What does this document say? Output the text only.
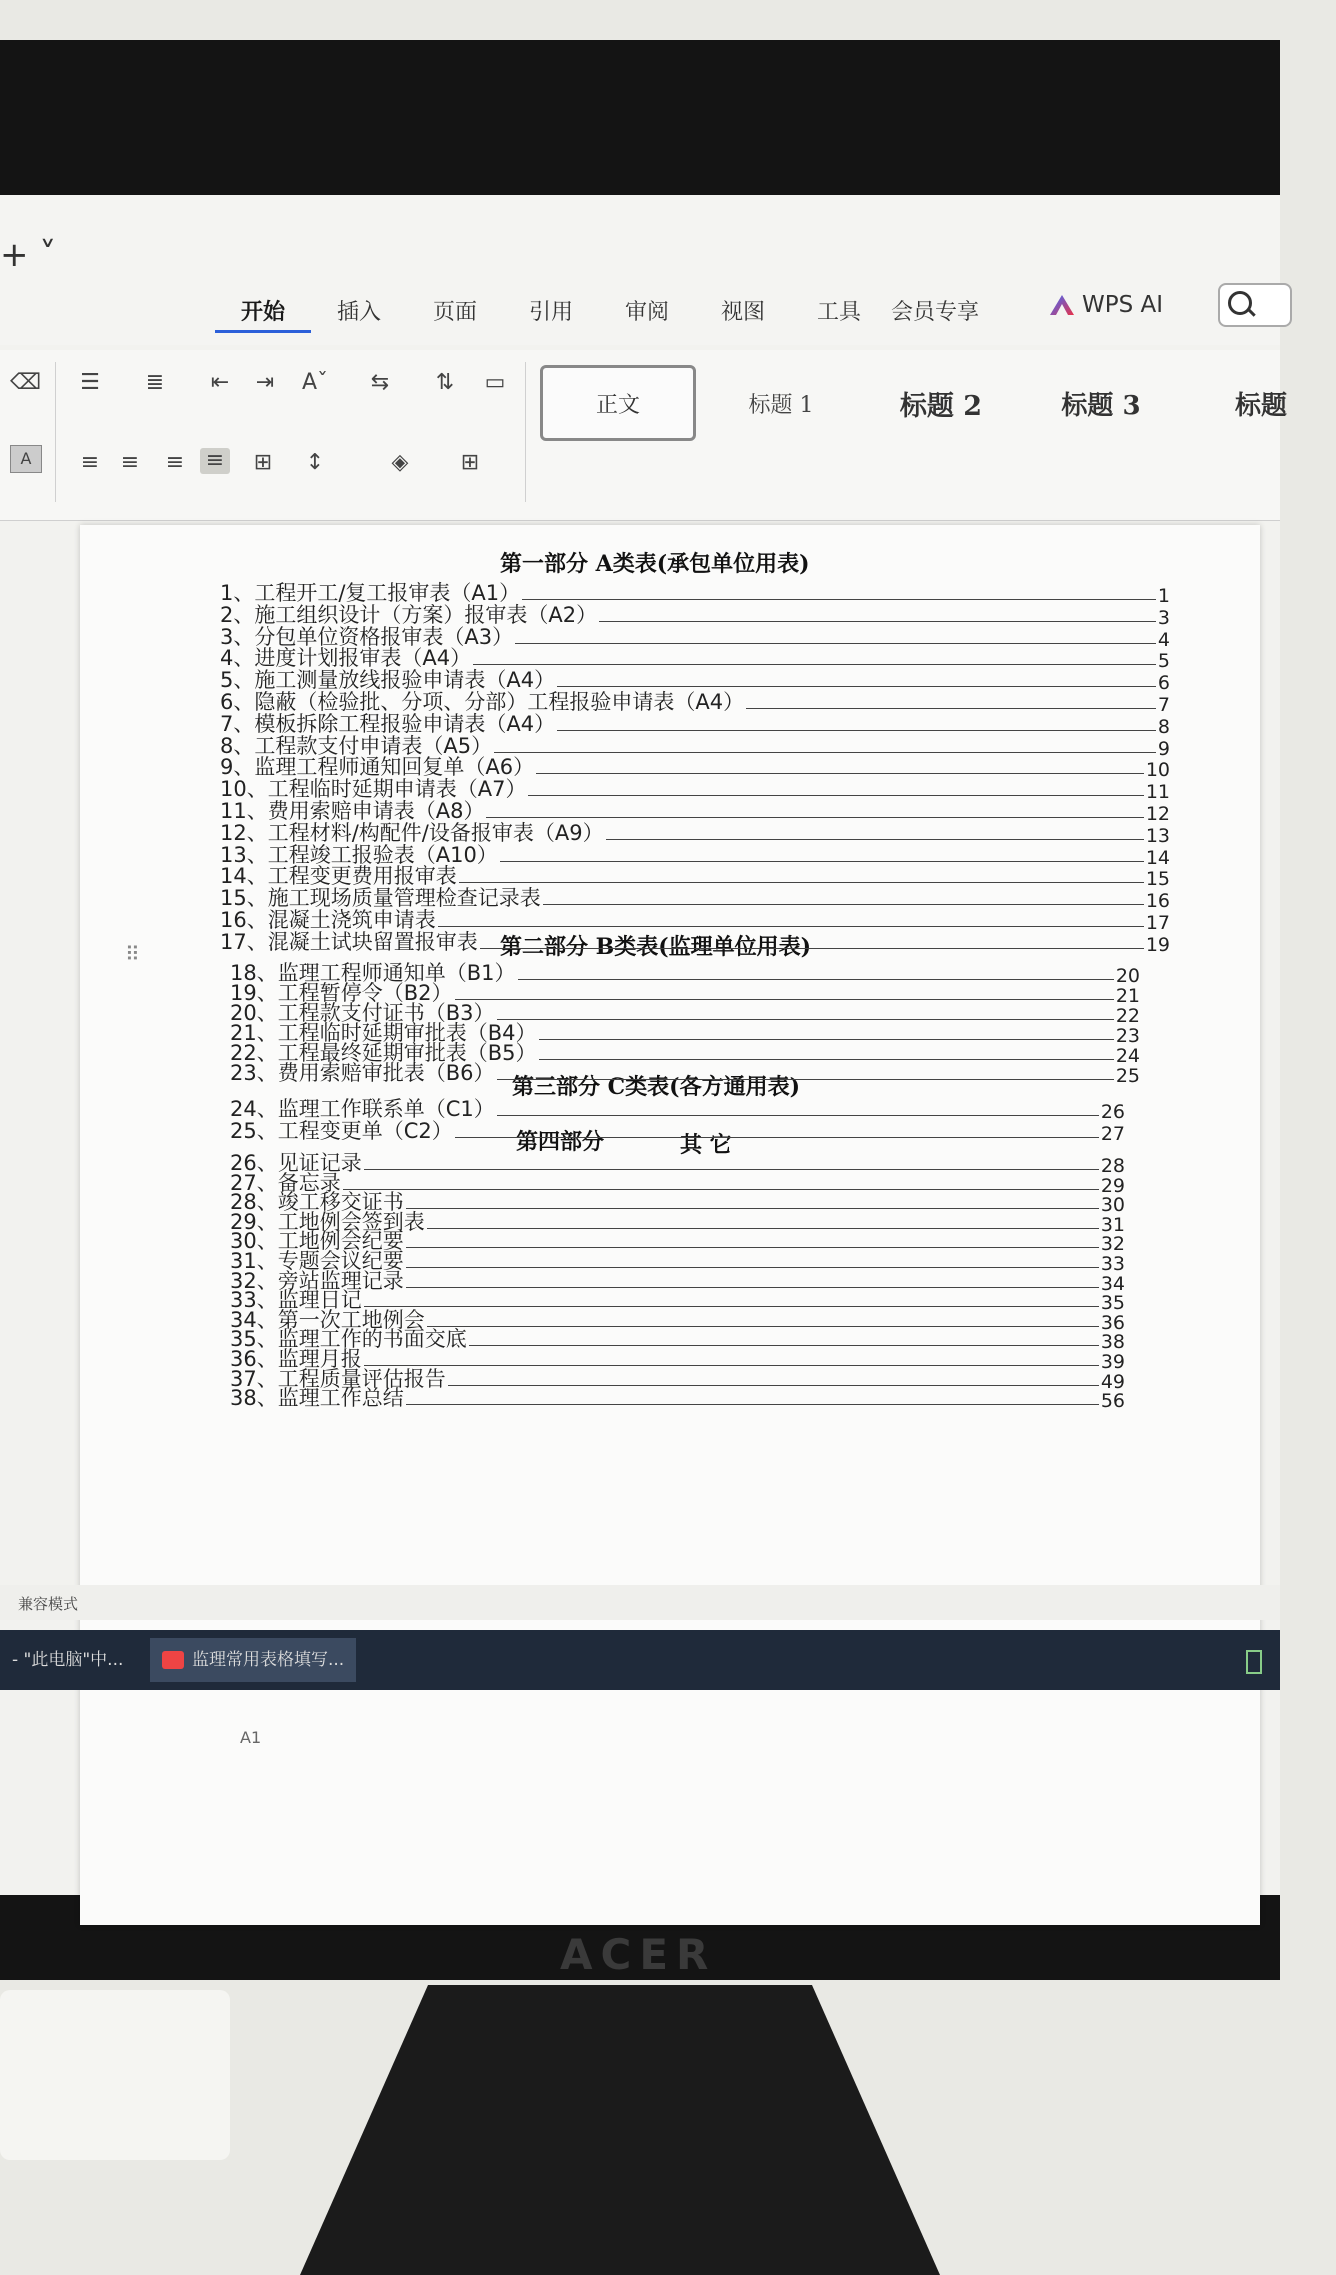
+ ˅
开始	插入	页面	引用	审阅	视图	工具	会员专享	WPS AI
⌫
A
☰ ≣ ⇤ ⇥ Aˇ ⇆ ⇅ ▭
≡ ≡ ≡ ≡ ⊞ ↕	◈ ⊞
正文	标题 1	标题 2	标题 3	标题
第一部分 A类表(承包单位用表)
第二部分 B类表(监理单位用表)
第三部分 C类表(各方通用表)
第四部分	其 它
1、工程开工/复工报审表（A1）	1
2、施工组织设计（方案）报审表（A2）	3
3、分包单位资格报审表（A3）	4
4、进度计划报审表（A4）	5
5、施工测量放线报验申请表（A4）	6
6、隐蔽（检验批、分项、分部）工程报验申请表（A4）	7
7、模板拆除工程报验申请表（A4）	8
8、工程款支付申请表（A5）	9
9、监理工程师通知回复单（A6）	10
10、工程临时延期申请表（A7）	11
11、费用索赔申请表（A8）	12
12、工程材料/构配件/设备报审表（A9）	13
13、工程竣工报验表（A10）	14
14、工程变更费用报审表	15
15、施工现场质量管理检查记录表	16
16、混凝土浇筑申请表	17
17、混凝土试块留置报审表	19
18、监理工程师通知单（B1）	20
19、工程暂停令（B2）	21
20、工程款支付证书（B3）	22
21、工程临时延期审批表（B4）	23
22、工程最终延期审批表（B5）	24
23、费用索赔审批表（B6）	25
24、监理工作联系单（C1）	26
25、工程变更单（C2）	27
26、见证记录	28
27、备忘录	29
28、竣工移交证书	30
29、工地例会签到表	31
30、工地例会纪要	32
31、专题会议纪要	33
32、旁站监理记录	34
33、监理日记	35
34、第一次工地例会	36
35、监理工作的书面交底	38
36、监理月报	39
37、工程质量评估报告	49
38、监理工作总结	56
⠿
A1
兼容模式
- "此电脑"中...	监理常用表格填写...
ACER
